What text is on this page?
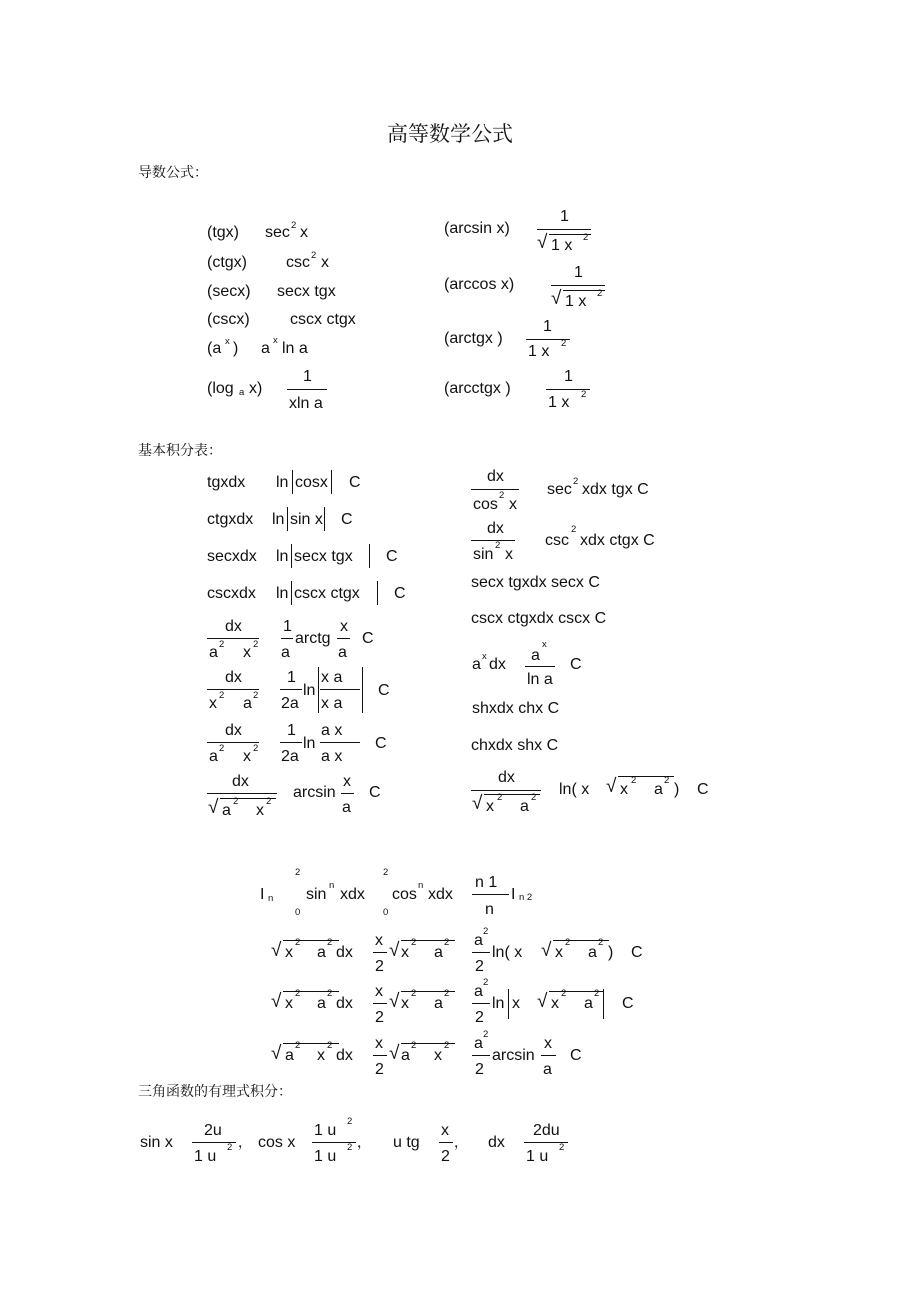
高等数学公式
导数公式：
基本积分表：
三角函数的有理式积分：
(tgx) sec 2 x
(ctgx) csc 2 x
(secx) secx tgx
(cscx)	cscx ctgx
(a x ) a x ln a
(log a x)
1
xln a
(arcsin x)
1
√ 1 x 2
(arccos x)
1
√ 1 x 2
(arctgx )
1
1 x 2
(arcctgx )
1
1 x 2
tgxdx ln cosx C
ctgxdx ln sin x C
secxdx ln secx tgx C
cscxdx ln cscx ctgx C
dx
a 2 x 2
1
a
arctg
x
a
C
dx
x 2 a 2
1
2a
ln
x a
x a
C
dx
a 2 x 2
1
2a
ln
a x
a x
C
dx
√ a
2
x
2
arcsin
x
a
C
dx
cos
2
x
sec 2 xdx tgx C
dx
sin
2
x
csc
2
xdx ctgx C
secx tgxdx secx C
cscx ctgxdx cscx C
a x dx
a
x
ln a
C
shxdx chx C
chxdx shx C
dx
√ x
2
a
2 ln( x √ x
2
a
2
) C
I n
2
0
sin
n
xdx
2
0
cos
n
xdx
n 1
n
I n 2
√ x
2
a
2
dx
x
2
√ x
2
a
2 a
2
2
ln( x √ x
2
a
2
) C
√ x
2
a
2
dx
x
2
√ x
2
a
2 a
2
2
ln x √ x
2
a
2
C
√ a
2
x
2
dx
x
2
√ a
2
x
2 a
2
2
arcsin
x
a
C
sin x
2u
1 u
2 ， cos x
1 u
2
1 u
2 ， u tg
x
2
， dx
2du
1 u
2
